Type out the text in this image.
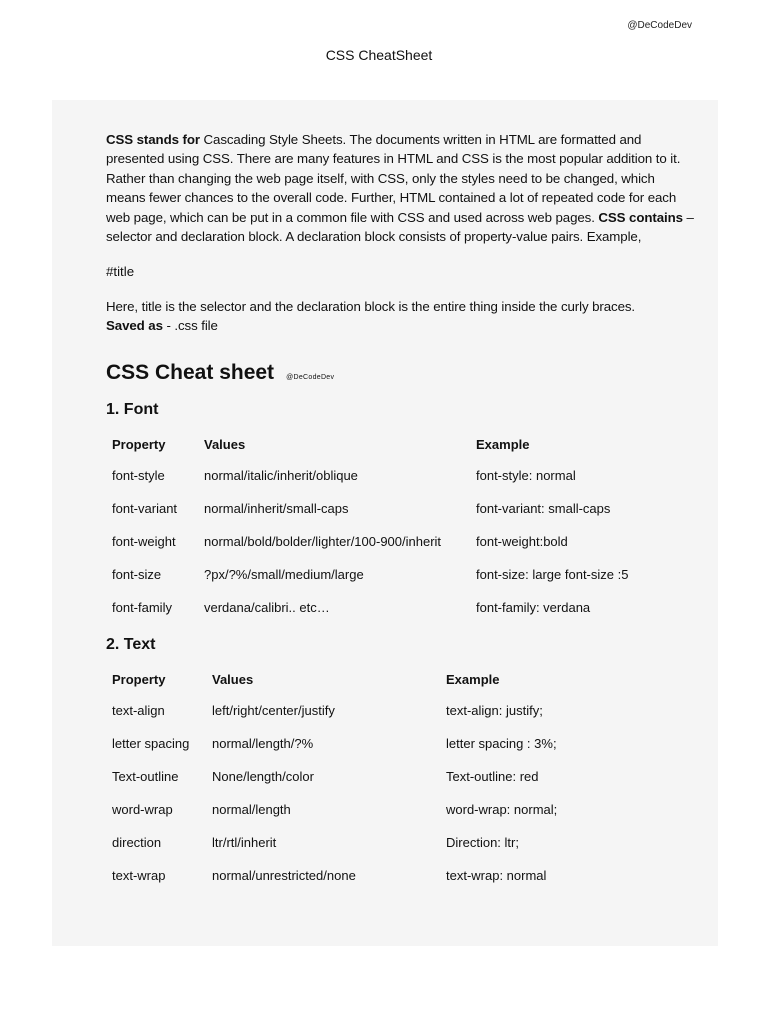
@DeCodeDev
CSS CheatSheet

CSS stands for Cascading Style Sheets. The documents written in HTML are formatted and presented using CSS. There are many features in HTML and CSS is the most popular addition to it. Rather than changing the web page itself, with CSS, only the styles need to be changed, which means fewer chances to the overall code. Further, HTML contained a lot of repeated code for each web page, which can be put in a common file with CSS and used across web pages. CSS contains – selector and declaration block. A declaration block consists of property-value pairs. Example,

#title

Here, title is the selector and the declaration block is the entire thing inside the curly braces.
Saved as - .css file

CSS Cheat sheet @DeCodeDev
1. Font
Property	Values	Example
font-style	normal/italic/inherit/oblique	font-style: normal
font-variant	normal/inherit/small-caps	font-variant: small-caps
font-weight	normal/bold/bolder/lighter/100-900/inherit	font-weight:bold
font-size	?px/?%/small/medium/large	font-size: large font-size :5
font-family	verdana/calibri.. etc…	font-family: verdana
2. Text
Property	Values	Example
text-align	left/right/center/justify	text-align: justify;
letter spacing	normal/length/?%	letter spacing : 3%;
Text-outline	None/length/color	Text-outline: red
word-wrap	normal/length	word-wrap: normal;
direction	ltr/rtl/inherit	Direction: ltr;
text-wrap	normal/unrestricted/none	text-wrap: normal
